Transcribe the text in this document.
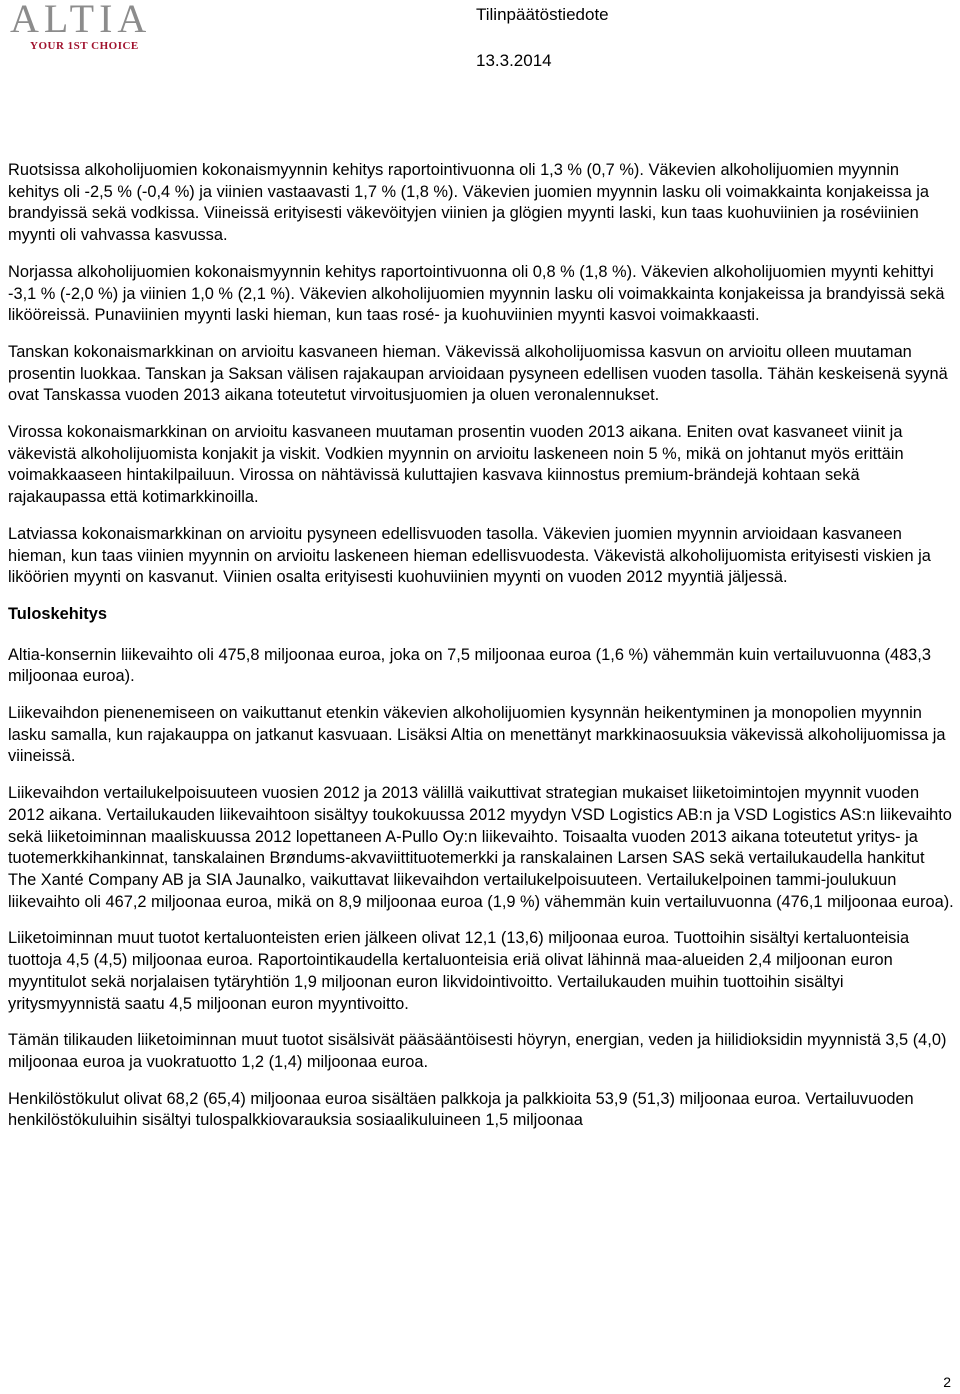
ALTIA
YOUR 1ST CHOICE
Tilinpäätöstiedote
13.3.2014

Ruotsissa alkoholijuomien kokonaismyynnin kehitys raportointivuonna oli 1,3 % (0,7 %). Väkevien alkoholijuomien myynnin kehitys oli -2,5 % (-0,4 %) ja viinien vastaavasti 1,7 % (1,8 %). Väkevien juomien myynnin lasku oli voimakkainta konjakeissa ja brandyissä sekä vodkissa. Viineissä erityisesti väkevöityjen viinien ja glögien myynti laski, kun taas kuohuviinien ja roséviinien myynti oli vahvassa kasvussa.

Norjassa alkoholijuomien kokonaismyynnin kehitys raportointivuonna oli 0,8 % (1,8 %). Väkevien alkoholijuomien myynti kehittyi -3,1 % (-2,0 %) ja viinien 1,0 % (2,1 %). Väkevien alkoholijuomien myynnin lasku oli voimakkainta konjakeissa ja brandyissä sekä likööreissä. Punaviinien myynti laski hieman, kun taas rosé- ja kuohuviinien myynti kasvoi voimakkaasti.

Tanskan kokonaismarkkinan on arvioitu kasvaneen hieman. Väkevissä alkoholijuomissa kasvun on arvioitu olleen muutaman prosentin luokkaa. Tanskan ja Saksan välisen rajakaupan arvioidaan pysyneen edellisen vuoden tasolla. Tähän keskeisenä syynä ovat Tanskassa vuoden 2013 aikana toteutetut virvoitusjuomien ja oluen veronalennukset.

Virossa kokonaismarkkinan on arvioitu kasvaneen muutaman prosentin vuoden 2013 aikana. Eniten ovat kasvaneet viinit ja väkevistä alkoholijuomista konjakit ja viskit. Vodkien myynnin on arvioitu laskeneen noin 5 %, mikä on johtanut myös erittäin voimakkaaseen hintakilpailuun. Virossa on nähtävissä kuluttajien kasvava kiinnostus premium-brändejä kohtaan sekä rajakaupassa että kotimarkkinoilla.

Latviassa kokonaismarkkinan on arvioitu pysyneen edellisvuoden tasolla. Väkevien juomien myynnin arvioidaan kasvaneen hieman, kun taas viinien myynnin on arvioitu laskeneen hieman edellisvuodesta. Väkevistä alkoholijuomista erityisesti viskien ja liköörien myynti on kasvanut. Viinien osalta erityisesti kuohuviinien myynti on vuoden 2012 myyntiä jäljessä.

Tuloskehitys

Altia-konsernin liikevaihto oli 475,8 miljoonaa euroa, joka on 7,5 miljoonaa euroa (1,6 %) vähemmän kuin vertailuvuonna (483,3 miljoonaa euroa).

Liikevaihdon pienenemiseen on vaikuttanut etenkin väkevien alkoholijuomien kysynnän heikentyminen ja monopolien myynnin lasku samalla, kun rajakauppa on jatkanut kasvuaan. Lisäksi Altia on menettänyt markkinaosuuksia väkevissä alkoholijuomissa ja viineissä.

Liikevaihdon vertailukelpoisuuteen vuosien 2012 ja 2013 välillä vaikuttivat strategian mukaiset liiketoimintojen myynnit vuoden 2012 aikana. Vertailukauden liikevaihtoon sisältyy toukokuussa 2012 myydyn VSD Logistics AB:n ja VSD Logistics AS:n liikevaihto sekä liiketoiminnan maaliskuussa 2012 lopettaneen A-Pullo Oy:n liikevaihto. Toisaalta vuoden 2013 aikana toteutetut yritys- ja tuotemerkkihankinnat, tanskalainen Brøndums-akvaviittituotemerkki ja ranskalainen Larsen SAS sekä vertailukaudella hankitut The Xanté Company AB ja SIA Jaunalko, vaikuttavat liikevaihdon vertailukelpoisuuteen. Vertailukelpoinen tammi-joulukuun liikevaihto oli 467,2 miljoonaa euroa, mikä on 8,9 miljoonaa euroa (1,9 %) vähemmän kuin vertailuvuonna (476,1 miljoonaa euroa).

Liiketoiminnan muut tuotot kertaluonteisten erien jälkeen olivat 12,1 (13,6) miljoonaa euroa. Tuottoihin sisältyi kertaluonteisia tuottoja 4,5 (4,5) miljoonaa euroa. Raportointikaudella kertaluonteisia eriä olivat lähinnä maa-alueiden 2,4 miljoonan euron myyntitulot sekä norjalaisen tytäryhtiön 1,9 miljoonan euron likvidointivoitto. Vertailukauden muihin tuottoihin sisältyi yritysmyynnistä saatu 4,5 miljoonan euron myyntivoitto.

Tämän tilikauden liiketoiminnan muut tuotot sisälsivät pääsääntöisesti höyryn, energian, veden ja hiilidioksidin myynnistä 3,5 (4,0) miljoonaa euroa ja vuokratuotto 1,2 (1,4) miljoonaa euroa.

Henkilöstökulut olivat 68,2 (65,4) miljoonaa euroa sisältäen palkkoja ja palkkioita 53,9 (51,3) miljoonaa euroa. Vertailuvuoden henkilöstökuluihin sisältyi tulospalkkiovarauksia sosiaalikuluineen 1,5 miljoonaa

2
